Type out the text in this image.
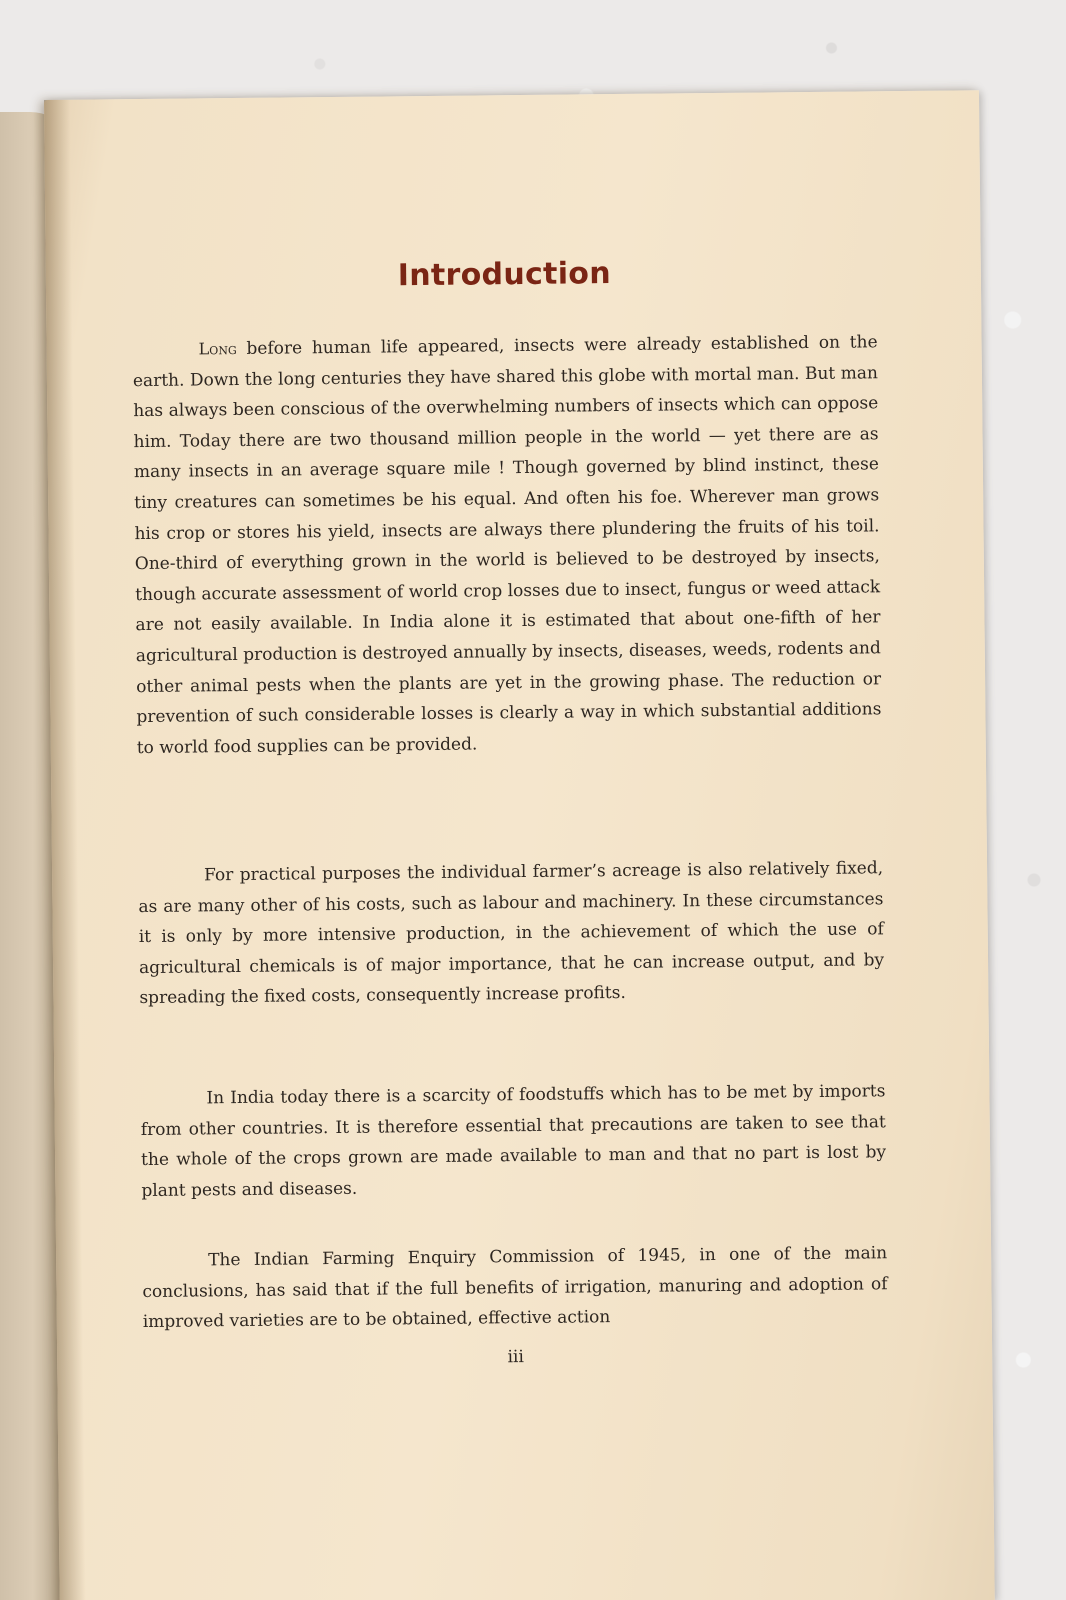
Introduction

Long before human life appeared, insects were already established on the earth. Down the long centuries they have shared this globe with mortal man. But man has always been conscious of the overwhelming numbers of insects which can oppose him. Today there are two thousand million people in the world — yet there are as many insects in an average square mile ! Though governed by blind instinct, these tiny creatures can sometimes be his equal. And often his foe. Wherever man grows his crop or stores his yield, insects are always there plundering the fruits of his toil. One-third of everything grown in the world is believed to be destroyed by insects, though accurate assessment of world crop losses due to insect, fungus or weed attack are not easily available. In India alone it is estimated that about one-fifth of her agricultural production is destroyed annually by insects, diseases, weeds, rodents and other animal pests when the plants are yet in the growing phase. The reduction or prevention of such considerable losses is clearly a way in which substantial additions to world food supplies can be provided.

For practical purposes the individual farmer’s acreage is also relatively fixed, as are many other of his costs, such as labour and machinery. In these circumstances it is only by more intensive production, in the achievement of which the use of agricultural chemicals is of major importance, that he can increase output, and by spreading the fixed costs, consequently increase profits.

In India today there is a scarcity of foodstuffs which has to be met by imports from other countries. It is therefore essential that precautions are taken to see that the whole of the crops grown are made available to man and that no part is lost by plant pests and diseases.

The Indian Farming Enquiry Commission of 1945, in one of the main conclusions, has said that if the full benefits of irrigation, manuring and adoption of improved varieties are to be obtained, effective action

iii
